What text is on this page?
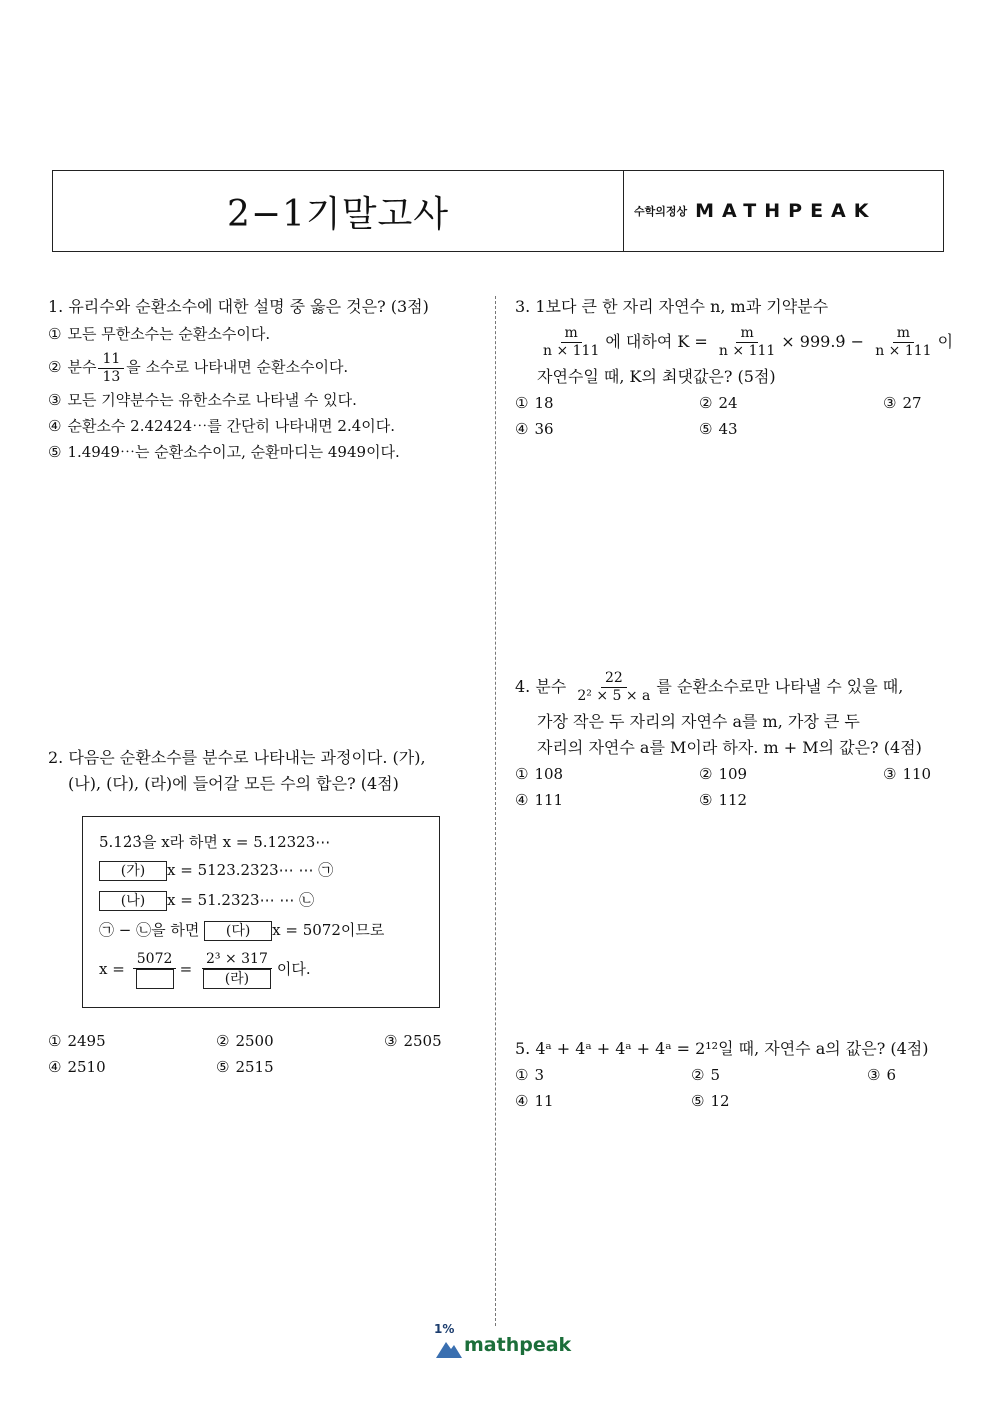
2−1기말고사	수학의정상 MATHPEAK

1. 유리수와 순환소수에 대한 설명 중 옳은 것은? (3점)

① 모든 무한소수는 순환소수이다.

② 분수 $\frac{11}{13}$ 을 소수로 나타내면 순환소수이다.

③ 모든 기약분수는 유한소수로 나타낼 수 있다.

④ 순환소수 2.42424⋯를 간단히 나타내면 2.4̇이다.

⑤ 1.4949⋯는 순환소수이고, 순환마디는 4949이다.

2. 다음은 순환소수를 분수로 나타내는 과정이다. (가),

(나), (다), (라)에 들어갈 모든 수의 합은? (4점)

5.12̇3̇을 x라 하면 x = 5.12323⋯
(가) x = 5123.2323⋯ ⋯ ㉠
(나) x = 51.2323⋯ ⋯ ㉡
㉠ − ㉡을 하면 (다) x = 5072이므로
x =
5072
= $\frac{\text{2³ × 317}}{\text{(라)}}$ 이다.
① 2495	② 2500	③ 2505
④ 2510	⑤ 2515

3. 1보다 큰 한 자리 자연수 n, m과 기약분수

$\frac{m}{n \times 111}$ 에 대하여 $K = \frac{m}{n \times 111}$ × 999.9̇ − $\frac{m}{n \times 111}$ 이

자연수일 때, K의 최댓값은? (5점)

① 18	② 24	③ 27
④ 36	⑤ 43

4. 분수 $\frac{22}{\text{2² × 5 × a}}$ 를 순환소수로만 나타낼 수 있을 때,

가장 작은 두 자리의 자연수 a를 m, 가장 큰 두

자리의 자연수 a를 M이라 하자. m + M의 값은? (4점)

① 108	② 109	③ 110
④ 111	⑤ 112

5. 4ᵃ + 4ᵃ + 4ᵃ + 4ᵃ = 2¹²일 때, 자연수 a의 값은? (4점)

① 3	② 5	③ 6
④ 11	⑤ 12
1%
mathpeak
